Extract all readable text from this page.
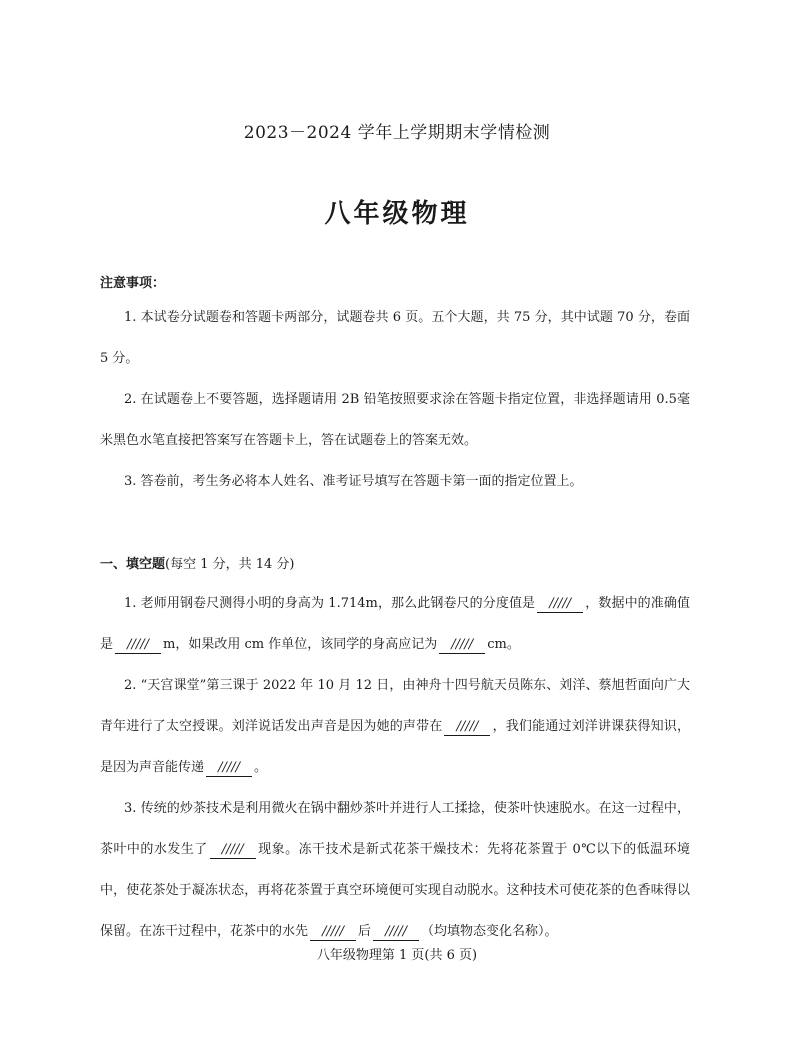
2023－2024 学年上学期期末学情检测
八年级物理
注意事项：
1. 本试卷分试题卷和答题卡两部分，试题卷共 6 页。五个大题，共 75 分，其中试题 70 分，卷面 5 分。
2. 在试题卷上不要答题，选择题请用 2B 铅笔按照要求涂在答题卡指定位置，非选择题请用 0.5毫米黑色水笔直接把答案写在答题卡上，答在试题卷上的答案无效。
3. 答卷前，考生务必将本人姓名、准考证号填写在答题卡第一面的指定位置上。
一、填空题(每空 1 分，共 14 分)
1. 老师用钢卷尺测得小明的身高为 1.714m，那么此钢卷尺的分度值是 ///// ，数据中的准确值是 ///// m，如果改用 cm 作单位，该同学的身高应记为 ///// cm。
2. “天宫课堂”第三课于 2022 年 10 月 12 日，由神舟十四号航天员陈东、刘洋、蔡旭哲面向广大青年进行了太空授课。刘洋说话发出声音是因为她的声带在 ///// ，我们能通过刘洋讲课获得知识，是因为声音能传递 ///// 。
3. 传统的炒茶技术是利用微火在锅中翻炒茶叶并进行人工揉捻，使茶叶快速脱水。在这一过程中，茶叶中的水发生了 ///// 现象。冻干技术是新式花茶干燥技术：先将花茶置于 0℃以下的低温环境中，使花茶处于凝冻状态，再将花茶置于真空环境便可实现自动脱水。这种技术可使花茶的色香味得以保留。在冻干过程中，花茶中的水先 ///// 后 ///// （均填物态变化名称）。
八年级物理第 1 页(共 6 页)
